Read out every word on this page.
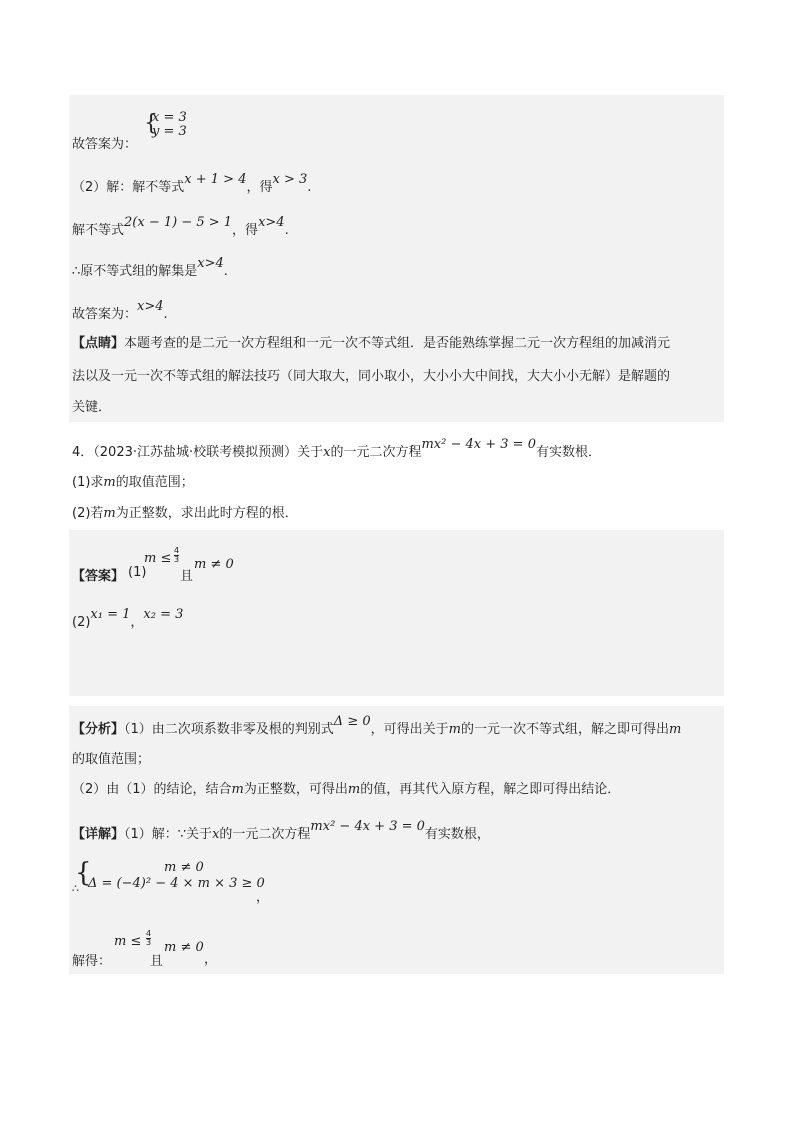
{
x = 3
y = 3
故答案为：
（2）解：解不等式x + 1 > 4，得x > 3.
解不等式2(x − 1) − 5 > 1，得x>4.
∴原不等式组的解集是x>4.
故答案为：x>4.
【点睛】本题考查的是二元一次方程组和一元一次不等式组．是否能熟练掌握二元一次方程组的加减消元
法以及一元一次不等式组的解法技巧（同大取大，同小取小，大小小大中间找，大大小小无解）是解题的
关键．
4．（2023·江苏盐城·校联考模拟预测）关于x的一元二次方程mx² − 4x + 3 = 0有实数根．
(1)求m的取值范围；
(2)若m为正整数，求出此时方程的根．
【答案】 (1)
$m \le \frac{4}{3}$
且
m ≠ 0
(2)x₁ = 1，x₂ = 3
【分析】（1）由二次项系数非零及根的判别式Δ ≥ 0，可得出关于m的一元一次不等式组，解之即可得出m
的取值范围；
（2）由（1）的结论，结合m为正整数，可得出m的值，再其代入原方程，解之即可得出结论．
【详解】（1）解：∵关于x的一元二次方程mx² − 4x + 3 = 0有实数根，
∴
{	m ≠ 0
Δ = (−4)² − 4 × m × 3 ≥ 0
，
解得：
$m \le \frac{4}{3}$
且
m ≠ 0
，
